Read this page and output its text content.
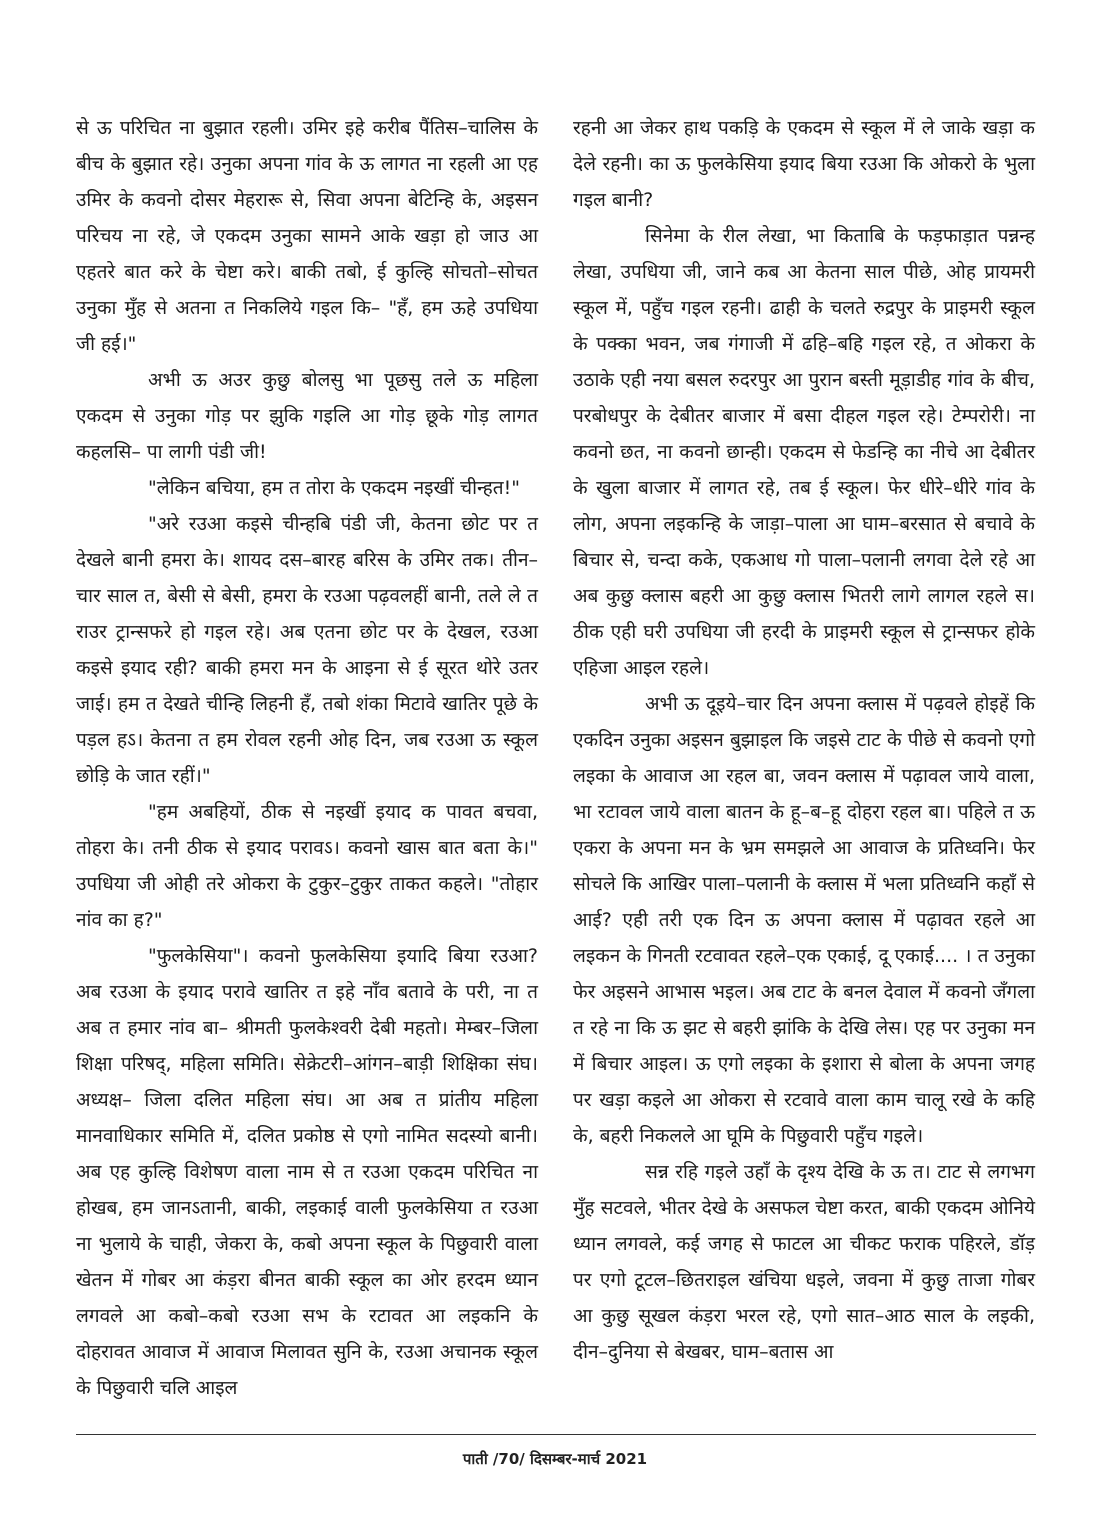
से ऊ परिचित ना बुझात रहली। उमिर इहे करीब पैंतिस–चालिस के बीच के बुझात रहे। उनुका अपना गांव के ऊ लागत ना रहली आ एह उमिर के कवनो दोसर मेहरारू से, सिवा अपना बेटिन्हि के, अइसन परिचय ना रहे, जे एकदम उनुका सामने आके खड़ा हो जाउ आ एहतरे बात करे के चेष्टा करे। बाकी तबो, ई कुल्हि सोचतो–सोचत उनुका मुँह से अतना त निकलिये गइल कि– "हँ, हम ऊहे उपधिया जी हई।"

अभी ऊ अउर कुछु बोलसु भा पूछसु तले ऊ महिला एकदम से उनुका गोड़ पर झुकि गइलि आ गोड़ छूके गोड़ लागत कहलसि– पा लागी पंडी जी!

"लेकिन बचिया, हम त तोरा के एकदम नइखीं चीन्हत!"

"अरे रउआ कइसे चीन्हबि पंडी जी, केतना छोट पर त देखले बानी हमरा के। शायद दस–बारह बरिस के उमिर तक। तीन–चार साल त, बेसी से बेसी, हमरा के रउआ पढ़वलहीं बानी, तले ले त राउर ट्रान्सफरे हो गइल रहे। अब एतना छोट पर के देखल, रउआ कइसे इयाद रही? बाकी हमरा मन के आइना से ई सूरत थोरे उतर जाई। हम त देखते चीन्हि लिहनी हँ, तबो शंका मिटावे खातिर पूछे के पड़ल हऽ। केतना त हम रोवल रहनी ओह दिन, जब रउआ ऊ स्कूल छोड़ि के जात रहीं।"

"हम अबहियों, ठीक से नइखीं इयाद क पावत बचवा, तोहरा के। तनी ठीक से इयाद परावऽ। कवनो खास बात बता के।" उपधिया जी ओही तरे ओकरा के टुकुर–टुकुर ताकत कहले। "तोहार नांव का ह?"

"फुलकेसिया"। कवनो फुलकेसिया इयादि बिया रउआ? अब रउआ के इयाद परावे खातिर त इहे नाँव बतावे के परी, ना त अब त हमार नांव बा– श्रीमती फुलकेश्वरी देबी महतो। मेम्बर–जिला शिक्षा परिषद्, महिला समिति। सेक्रेटरी–आंगन–बाड़ी शिक्षिका संघ। अध्यक्ष– जिला दलित महिला संघ। आ अब त प्रांतीय महिला मानवाधिकार समिति में, दलित प्रकोष्ठ से एगो नामित सदस्यो बानी। अब एह कुल्हि विशेषण वाला नाम से त रउआ एकदम परिचित ना होखब, हम जानऽतानी, बाकी, लइकाई वाली फुलकेसिया त रउआ ना भुलाये के चाही, जेकरा के, कबो अपना स्कूल के पिछुवारी वाला खेतन में गोबर आ कंड़रा बीनत बाकी स्कूल का ओर हरदम ध्यान लगवले आ कबो–कबो रउआ सभ के रटावत आ लइकनि के दोहरावत आवाज में आवाज मिलावत सुनि के, रउआ अचानक स्कूल के पिछुवारी चलि आइल

रहनी आ जेकर हाथ पकड़ि के एकदम से स्कूल में ले जाके खड़ा क देले रहनी। का ऊ फुलकेसिया इयाद बिया रउआ कि ओकरो के भुला गइल बानी?

सिनेमा के रील लेखा, भा किताबि के फड़फाड़ात पन्नन्ह लेखा, उपधिया जी, जाने कब आ केतना साल पीछे, ओह प्रायमरी स्कूल में, पहुँच गइल रहनी। ढाही के चलते रुद्रपुर के प्राइमरी स्कूल के पक्का भवन, जब गंगाजी में ढहि–बहि गइल रहे, त ओकरा के उठाके एही नया बसल रुदरपुर आ पुरान बस्ती मूड़ाडीह गांव के बीच, परबोधपुर के देबीतर बाजार में बसा दीहल गइल रहे। टेम्परोरी। ना कवनो छत, ना कवनो छान्ही। एकदम से फेडन्हि का नीचे आ देबीतर के खुला बाजार में लागत रहे, तब ई स्कूल। फेर धीरे–धीरे गांव के लोग, अपना लइकन्हि के जाड़ा–पाला आ घाम–बरसात से बचावे के बिचार से, चन्दा कके, एकआध गो पाला–पलानी लगवा देले रहे आ अब कुछु क्लास बहरी आ कुछु क्लास भितरी लागे लागल रहले स। ठीक एही घरी उपधिया जी हरदी के प्राइमरी स्कूल से ट्रान्सफर होके एहिजा आइल रहले।

अभी ऊ दूइये–चार दिन अपना क्लास में पढ़वले होइहें कि एकदिन उनुका अइसन बुझाइल कि जइसे टाट के पीछे से कवनो एगो लइका के आवाज आ रहल बा, जवन क्लास में पढ़ावल जाये वाला, भा रटावल जाये वाला बातन के हू–ब–हू दोहरा रहल बा। पहिले त ऊ एकरा के अपना मन के भ्रम समझले आ आवाज के प्रतिध्वनि। फेर सोचले कि आखिर पाला–पलानी के क्लास में भला प्रतिध्वनि कहाँ से आई? एही तरी एक दिन ऊ अपना क्लास में पढ़ावत रहले आ लइकन के गिनती रटवावत रहले–एक एकाई, दू एकाई.... । त उनुका फेर अइसने आभास भइल। अब टाट के बनल देवाल में कवनो जँगला त रहे ना कि ऊ झट से बहरी झांकि के देखि लेस। एह पर उनुका मन में बिचार आइल। ऊ एगो लइका के इशारा से बोला के अपना जगह पर खड़ा कइले आ ओकरा से रटवावे वाला काम चालू रखे के कहि के, बहरी निकलले आ घूमि के पिछुवारी पहुँच गइले।

सन्न रहि गइले उहाँ के दृश्य देखि के ऊ त। टाट से लगभग मुँह सटवले, भीतर देखे के असफल चेष्टा करत, बाकी एकदम ओनिये ध्यान लगवले, कई जगह से फाटल आ चीकट फराक पहिरले, डॉड़ पर एगो टूटल–छितराइल खंचिया धइले, जवना में कुछु ताजा गोबर आ कुछु सूखल कंड़रा भरल रहे, एगो सात–आठ साल के लइकी, दीन–दुनिया से बेखबर, घाम–बतास आ

पाती /70/ दिसम्बर-मार्च 2021
